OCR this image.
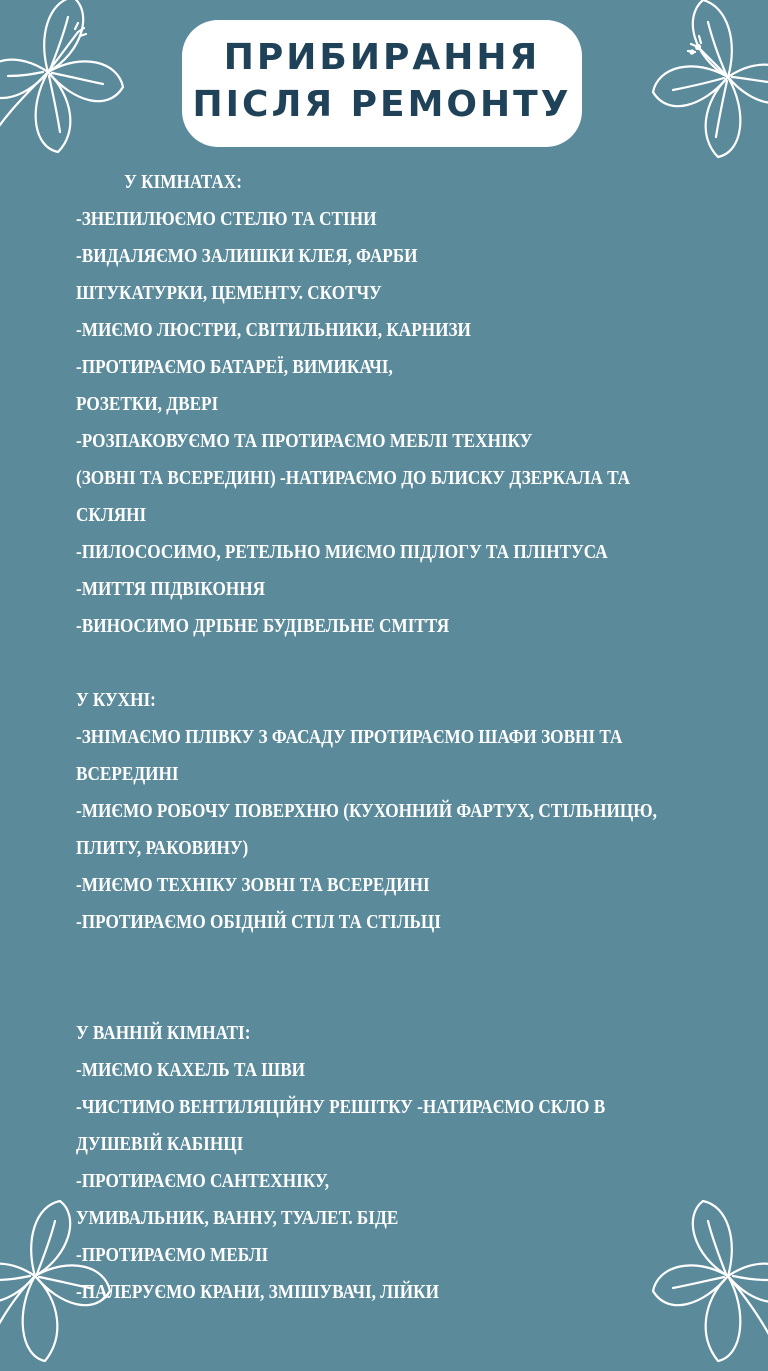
ПРИБИРАННЯ
ПІСЛЯ РЕМОНТУ
У КІМНАТАХ:
-ЗНЕПИЛЮЄМО СТЕЛЮ ТА СТІНИ
-ВИДАЛЯЄМО ЗАЛИШКИ КЛЕЯ, ФАРБИ
ШТУКАТУРКИ, ЦЕМЕНТУ. СКОТЧУ
-МИЄМО ЛЮСТРИ, СВІТИЛЬНИКИ, КАРНИЗИ
-ПРОТИРАЄМО БАТАРЕЇ, ВИМИКАЧІ,
РОЗЕТКИ, ДВЕРІ
-РОЗПАКОВУЄМО ТА ПРОТИРАЄМО МЕБЛІ ТЕХНІКУ
(ЗОВНІ ТА ВСЕРЕДИНІ) -НАТИРАЄМО ДО БЛИСКУ ДЗЕРКАЛА ТА
СКЛЯНІ
-ПИЛОСОСИМО, РЕТЕЛЬНО МИЄМО ПІДЛОГУ ТА ПЛІНТУСА
-МИТТЯ ПІДВІКОННЯ
-ВИНОСИМО ДРІБНЕ БУДІВЕЛЬНЕ СМІТТЯ
У КУХНІ:
-ЗНІМАЄМО ПЛІВКУ З ФАСАДУ ПРОТИРАЄМО ШАФИ ЗОВНІ ТА
ВСЕРЕДИНІ
-МИЄМО РОБОЧУ ПОВЕРХНЮ (КУХОННИЙ ФАРТУХ, СТІЛЬНИЦЮ,
ПЛИТУ, РАКОВИНУ)
-МИЄМО ТЕХНІКУ ЗОВНІ ТА ВСЕРЕДИНІ
-ПРОТИРАЄМО ОБІДНІЙ СТІЛ ТА СТІЛЬЦІ
У ВАННІЙ КІМНАТІ:
-МИЄМО КАХЕЛЬ ТА ШВИ
-ЧИСТИМО ВЕНТИЛЯЦІЙНУ РЕШІТКУ -НАТИРАЄМО СКЛО В
ДУШЕВІЙ КАБІНЦІ
-ПРОТИРАЄМО САНТЕХНІКУ,
УМИВАЛЬНИК, ВАННУ, ТУАЛЕТ. БІДЕ
-ПРОТИРАЄМО МЕБЛІ
-ПАЛЕРУЄМО КРАНИ, ЗМІШУВАЧІ, ЛІЙКИ
